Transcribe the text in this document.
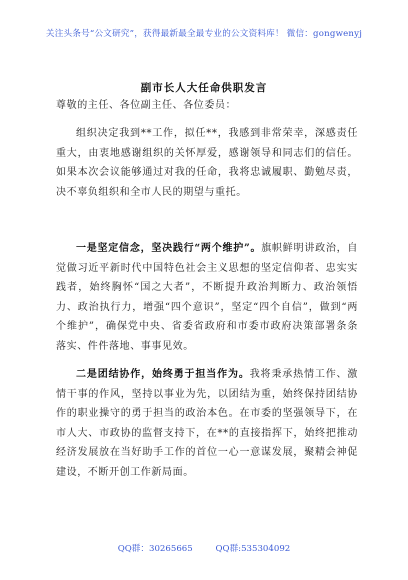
关注头条号“公文研究”，获得最新最全最专业的公文资料库！ 微信：gongwenyj
副市长人大任命供职发言
尊敬的主任、各位副主任、各位委员：
组织决定我到**工作，拟任**，我感到非常荣幸，深感责任重大，由衷地感谢组织的关怀厚爱，感谢领导和同志们的信任。如果本次会议能够通过对我的任命，我将忠诚履职、勤勉尽责，决不辜负组织和全市人民的期望与重托。
一是坚定信念，坚决践行“两个维护”。旗帜鲜明讲政治，自觉做习近平新时代中国特色社会主义思想的坚定信仰者、忠实实践者，始终胸怀“国之大者”，不断提升政治判断力、政治领悟力、政治执行力，增强“四个意识”，坚定“四个自信”，做到“两个维护”，确保党中央、省委省政府和市委市政府决策部署条条落实、件件落地、事事见效。
二是团结协作，始终勇于担当作为。我将秉承热情工作、激情干事的作风，坚持以事业为先，以团结为重，始终保持团结协作的职业操守的勇于担当的政治本色。在市委的坚强领导下，在市人大、市政协的监督支持下，在**的直接指挥下，始终把推动经济发展放在当好助手工作的首位一心一意谋发展，聚精会神促建设，不断开创工作新局面。
QQ群：30265665	QQ群:535304092
